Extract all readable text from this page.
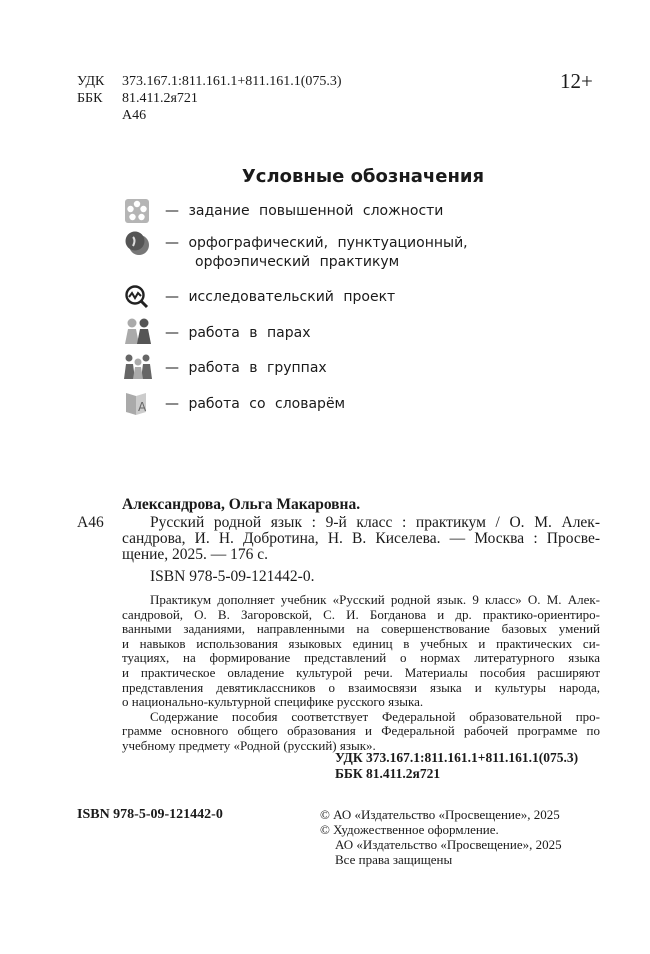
УДК 373.167.1:811.161.1+811.161.1(075.3)
ББК 81.411.2я721
А46
12+
Условные обозначения
— задание повышенной сложности
— орфографический, пунктуационный,
орфоэпический практикум
— исследовательский проект
— работа в парах
— работа в группах
A — работа со словарём
Александрова, Ольга Макаровна.
А46	Русский родной язык : 9-й класс : практикум / О. М. Алек-
сандрова, И. Н. Добротина, Н. В. Киселева. — Москва : Просве-
щение, 2025. — 176 с.
ISBN 978-5-09-121442-0.
Практикум дополняет учебник «Русский родной язык. 9 класс» О. М. Алек-
сандровой, О. В. Загоровской, С. И. Богданова и др. практико-ориентиро-
ванными заданиями, направленными на совершенствование базовых умений
и навыков использования языковых единиц в учебных и практических си-
туациях, на формирование представлений о нормах литературного языка
и практическое овладение культурой речи. Материалы пособия расширяют
представления девятиклассников о взаимосвязи языка и культуры народа,
о национально-культурной специфике русского языка.
Содержание пособия соответствует Федеральной образовательной про-
грамме основного общего образования и Федеральной рабочей программе по
учебному предмету «Родной (русский) язык».
УДК 373.167.1:811.161.1+811.161.1(075.3)
ББК 81.411.2я721
ISBN 978-5-09-121442-0	© АО «Издательство «Просвещение», 2025
© Художественное оформление.
АО «Издательство «Просвещение», 2025
Все права защищены
